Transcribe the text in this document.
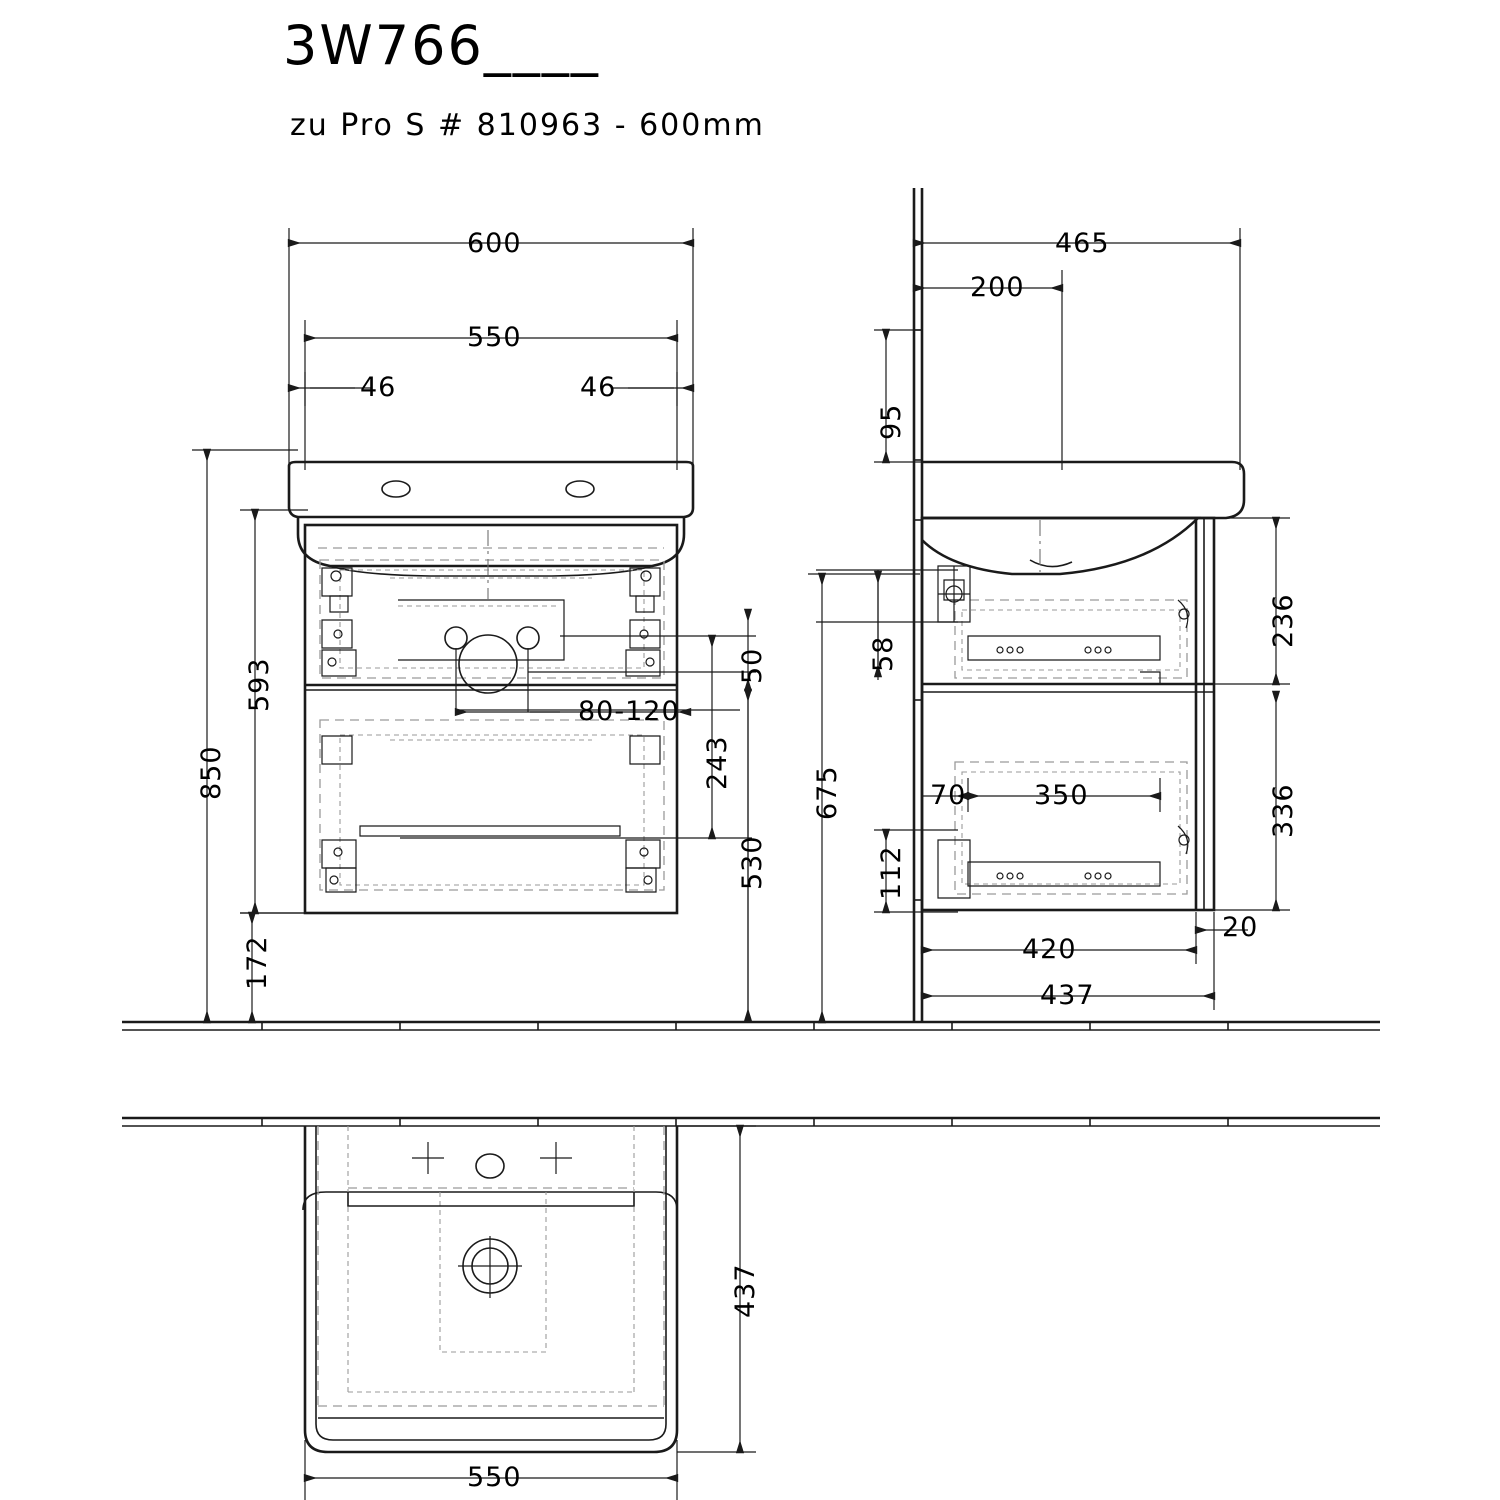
3W766____
zu Pro S # 810963 - 600mm
600
550
46	46
850
593
172
50
243
530
80-120
465
200
95
58
675
112
236
336
350
70
420
20
437
437
550
